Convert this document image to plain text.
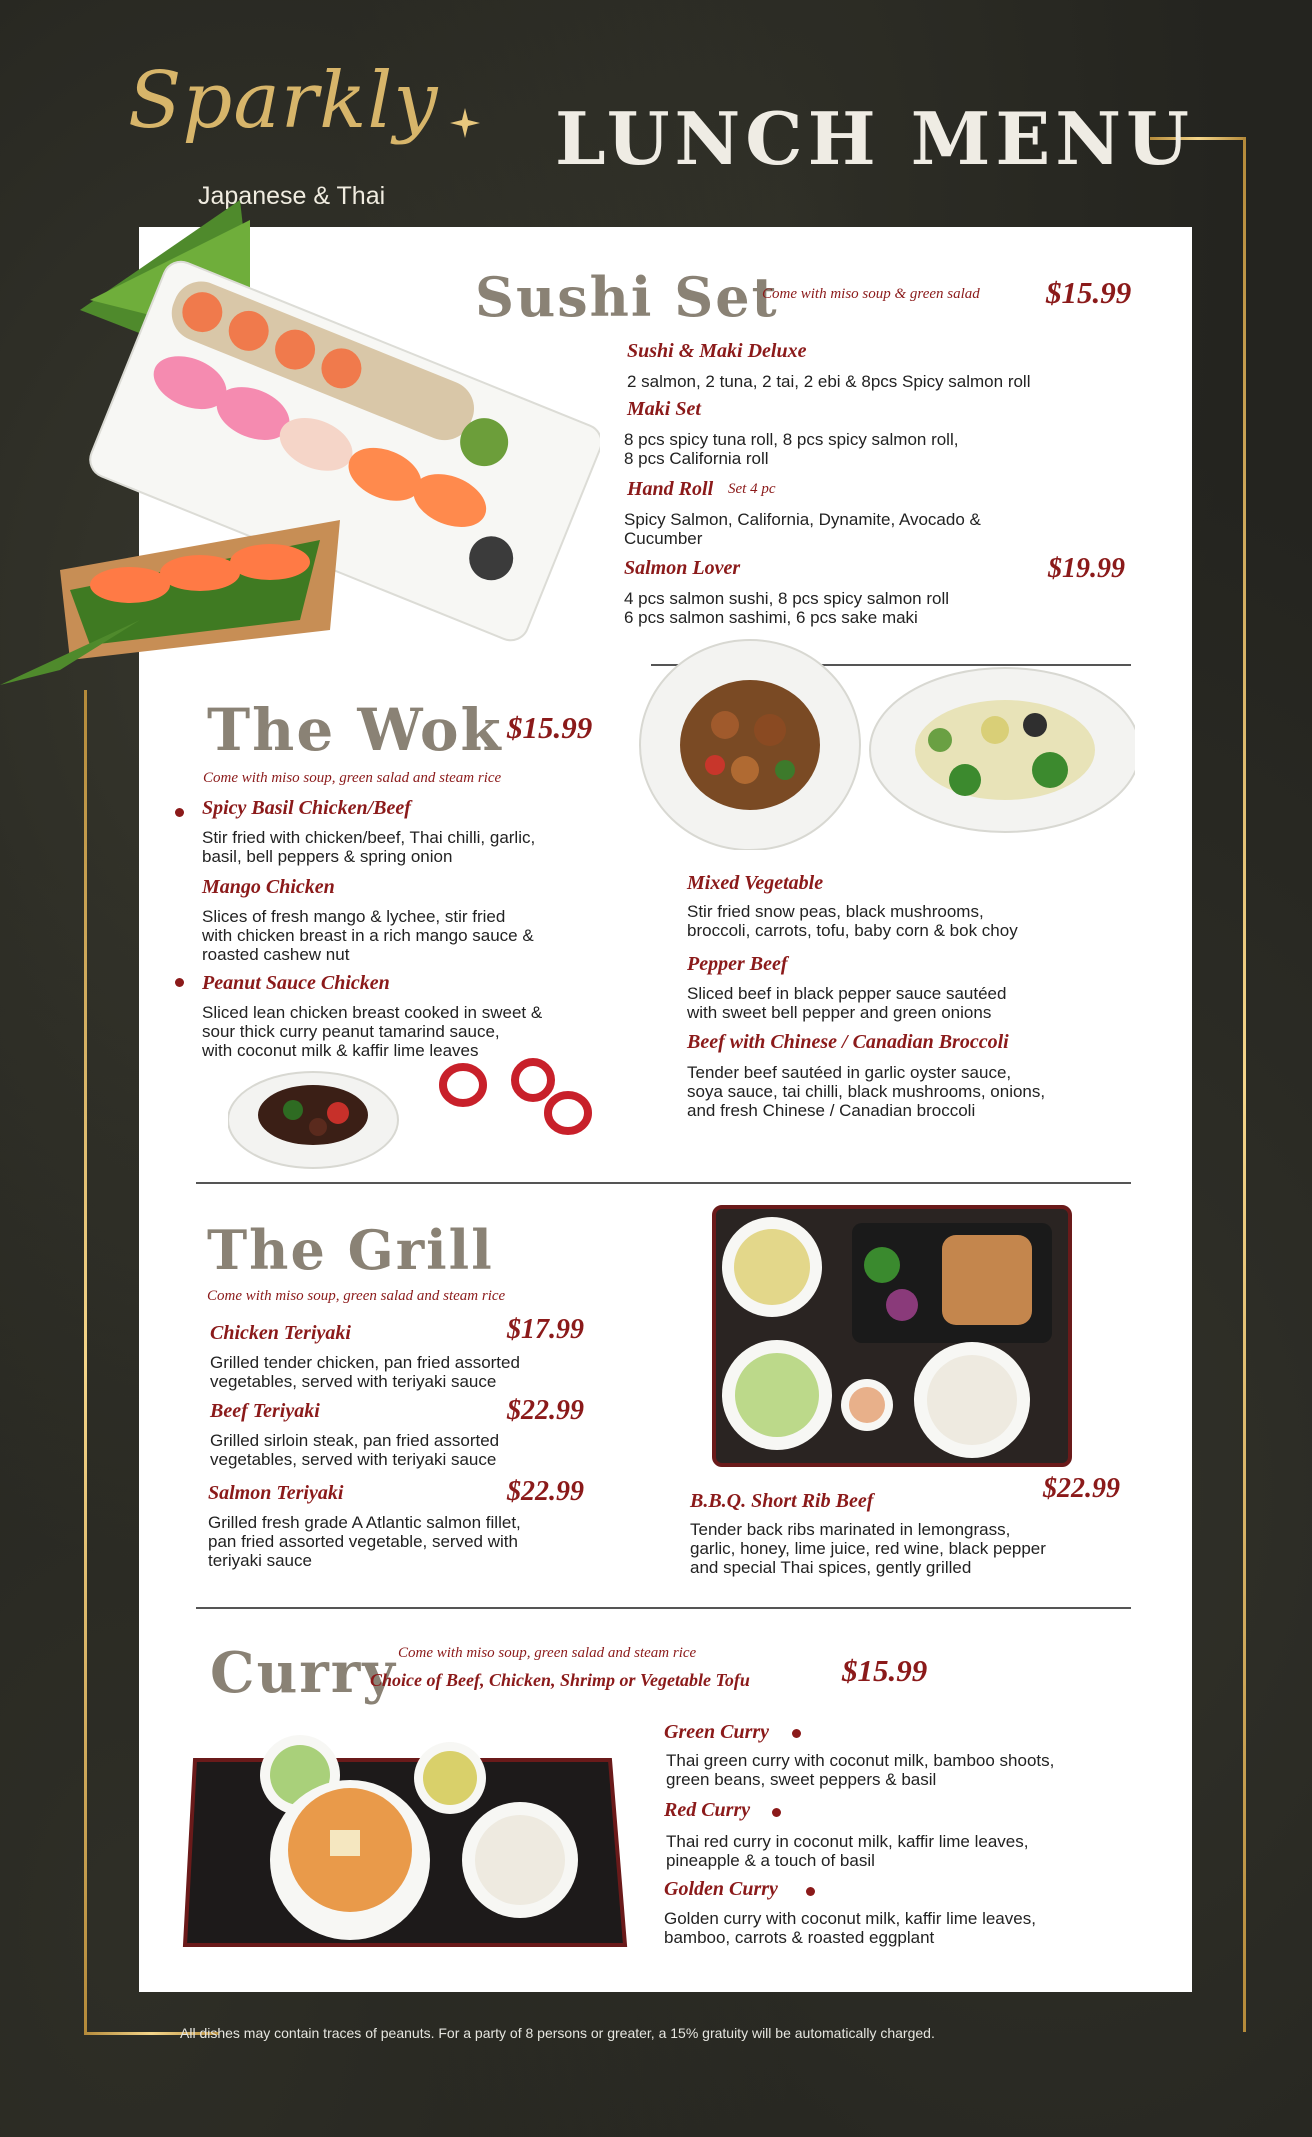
Sparkly
Japanese & Thai
LUNCH MENU
Sushi Set
Come with miso soup & green salad $15.99
Sushi & Maki Deluxe
2 salmon, 2 tuna, 2 tai, 2 ebi & 8pcs Spicy salmon roll
Maki Set
8 pcs spicy tuna roll, 8 pcs spicy salmon roll,
8 pcs California roll
Hand Roll Set 4 pc
Spicy Salmon, California, Dynamite, Avocado &
Cucumber
Salmon Lover	$19.99
4 pcs salmon sushi, 8 pcs spicy salmon roll
6 pcs salmon sashimi, 6 pcs sake maki
The Wok $15.99
Come with miso soup, green salad and steam rice
Spicy Basil Chicken/Beef
Stir fried with chicken/beef, Thai chilli, garlic,
basil, bell peppers & spring onion
Mango Chicken
Slices of fresh mango & lychee, stir fried
with chicken breast in a rich mango sauce &
roasted cashew nut
Peanut Sauce Chicken
Sliced lean chicken breast cooked in sweet &
sour thick curry peanut tamarind sauce,
with coconut milk & kaffir lime leaves
Mixed Vegetable
Stir fried snow peas, black mushrooms,
broccoli, carrots, tofu, baby corn & bok choy
Pepper Beef
Sliced beef in black pepper sauce sautéed
with sweet bell pepper and green onions
Beef with Chinese / Canadian Broccoli
Tender beef sautéed in garlic oyster sauce,
soya sauce, tai chilli, black mushrooms, onions,
and fresh Chinese / Canadian broccoli
The Grill
Come with miso soup, green salad and steam rice
Chicken Teriyaki	$17.99
Grilled tender chicken, pan fried assorted
vegetables, served with teriyaki sauce
Beef Teriyaki	$22.99
Grilled sirloin steak, pan fried assorted
vegetables, served with teriyaki sauce
Salmon Teriyaki	$22.99
Grilled fresh grade A Atlantic salmon fillet,
pan fried assorted vegetable, served with
teriyaki sauce
B.B.Q. Short Rib Beef	$22.99
Tender back ribs marinated in lemongrass,
garlic, honey, lime juice, red wine, black pepper
and special Thai spices, gently grilled
Curry Come with miso soup, green salad and steam rice
Choice of Beef, Chicken, Shrimp or Vegetable Tofu	$15.99
Green Curry
Thai green curry with coconut milk, bamboo shoots,
green beans, sweet peppers & basil
Red Curry
Thai red curry in coconut milk, kaffir lime leaves,
pineapple & a touch of basil
Golden Curry
Golden curry with coconut milk, kaffir lime leaves,
bamboo, carrots & roasted eggplant
All dishes may contain traces of peanuts. For a party of 8 persons or greater, a 15% gratuity will be automatically charged.
